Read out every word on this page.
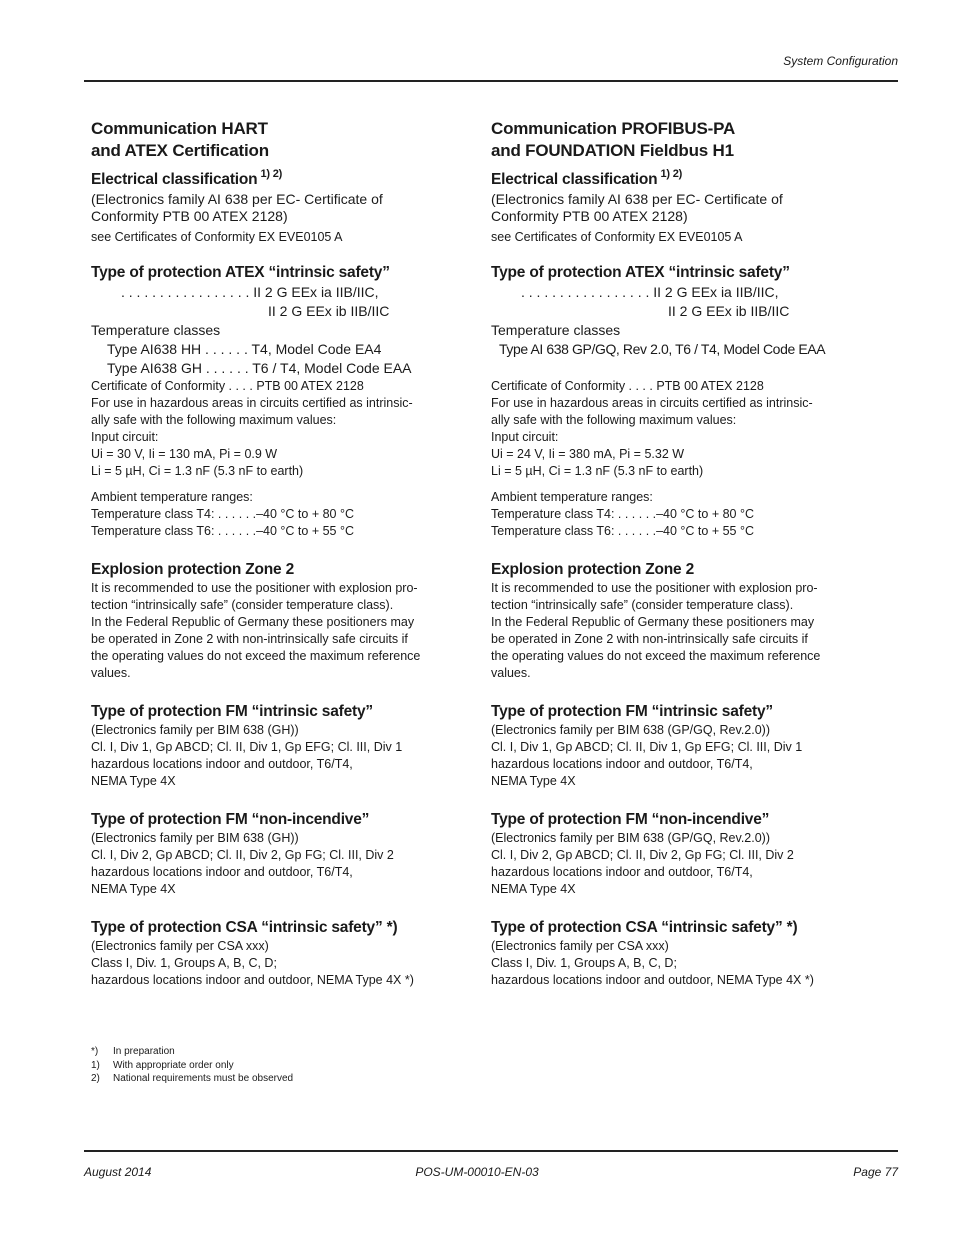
System Configuration
Communication HART
and ATEX Certification
Electrical classification $^{1) 2)}$
(Electronics family AI 638 per EC- Certificate of
Conformity PTB 00 ATEX 2128)
see Certificates of Conformity EX EVE0105 A
Type of protection ATEX “intrinsic safety”
. . . . . . . . . . . . . . . . . II 2 G EEx ia IIB/IIC,
II 2 G EEx ib IIB/IIC
Temperature classes
Type AI638 HH . . . . . . T4, Model Code EA4
Type AI638 GH . . . . . . T6 / T4, Model Code EAA
Certificate of Conformity . . . . PTB 00 ATEX 2128
For use in hazardous areas in circuits certified as intrinsic-
ally safe with the following maximum values:
Input circuit:
Ui = 30 V, Ii = 130 mA, Pi = 0.9 W
Li = 5 µH, Ci = 1.3 nF (5.3 nF to earth)
Ambient temperature ranges:
Temperature class T4: . . . . . .–40 °C to + 80 °C
Temperature class T6: . . . . . .–40 °C to + 55 °C
Explosion protection Zone 2
It is recommended to use the positioner with explosion pro-
tection “intrinsically safe” (consider temperature class).
In the Federal Republic of Germany these positioners may
be operated in Zone 2 with non-intrinsically safe circuits if
the operating values do not exceed the maximum reference
values.
Type of protection FM “intrinsic safety”
(Electronics family per BIM 638 (GH))
Cl. I, Div 1, Gp ABCD; Cl. II, Div 1, Gp EFG; Cl. III, Div 1
hazardous locations indoor and outdoor, T6/T4,
NEMA Type 4X
Type of protection FM “non-incendive”
(Electronics family per BIM 638 (GH))
Cl. I, Div 2, Gp ABCD; Cl. II, Div 2, Gp FG; Cl. III, Div 2
hazardous locations indoor and outdoor, T6/T4,
NEMA Type 4X
Type of protection CSA “intrinsic safety” *)
(Electronics family per CSA xxx)
Class I, Div. 1, Groups A, B, C, D;
hazardous locations indoor and outdoor, NEMA Type 4X *)
Communication PROFIBUS-PA
and FOUNDATION Fieldbus H1
Electrical classification $^{1) 2)}$
(Electronics family AI 638 per EC- Certificate of
Conformity PTB 00 ATEX 2128)
see Certificates of Conformity EX EVE0105 A
Type of protection ATEX “intrinsic safety”
. . . . . . . . . . . . . . . . . II 2 G EEx ia IIB/IIC,
II 2 G EEx ib IIB/IIC
Temperature classes
Type AI 638 GP/GQ, Rev 2.0, T6 / T4, Model Code EAA
Certificate of Conformity . . . . PTB 00 ATEX 2128
For use in hazardous areas in circuits certified as intrinsic-
ally safe with the following maximum values:
Input circuit:
Ui = 24 V, Ii = 380 mA, Pi = 5.32 W
Li = 5 µH, Ci = 1.3 nF (5.3 nF to earth)
Ambient temperature ranges:
Temperature class T4: . . . . . .–40 °C to + 80 °C
Temperature class T6: . . . . . .–40 °C to + 55 °C
Explosion protection Zone 2
It is recommended to use the positioner with explosion pro-
tection “intrinsically safe” (consider temperature class).
In the Federal Republic of Germany these positioners may
be operated in Zone 2 with non-intrinsically safe circuits if
the operating values do not exceed the maximum reference
values.
Type of protection FM “intrinsic safety”
(Electronics family per BIM 638 (GP/GQ, Rev.2.0))
Cl. I, Div 1, Gp ABCD; Cl. II, Div 1, Gp EFG; Cl. III, Div 1
hazardous locations indoor and outdoor, T6/T4,
NEMA Type 4X
Type of protection FM “non-incendive”
(Electronics family per BIM 638 (GP/GQ, Rev.2.0))
Cl. I, Div 2, Gp ABCD; Cl. II, Div 2, Gp FG; Cl. III, Div 2
hazardous locations indoor and outdoor, T6/T4,
NEMA Type 4X
Type of protection CSA “intrinsic safety” *)
(Electronics family per CSA xxx)
Class I, Div. 1, Groups A, B, C, D;
hazardous locations indoor and outdoor, NEMA Type 4X *)
*) In preparation
1) With appropriate order only
2) National requirements must be observed
August 2014	POS-UM-00010-EN-03	Page 77
